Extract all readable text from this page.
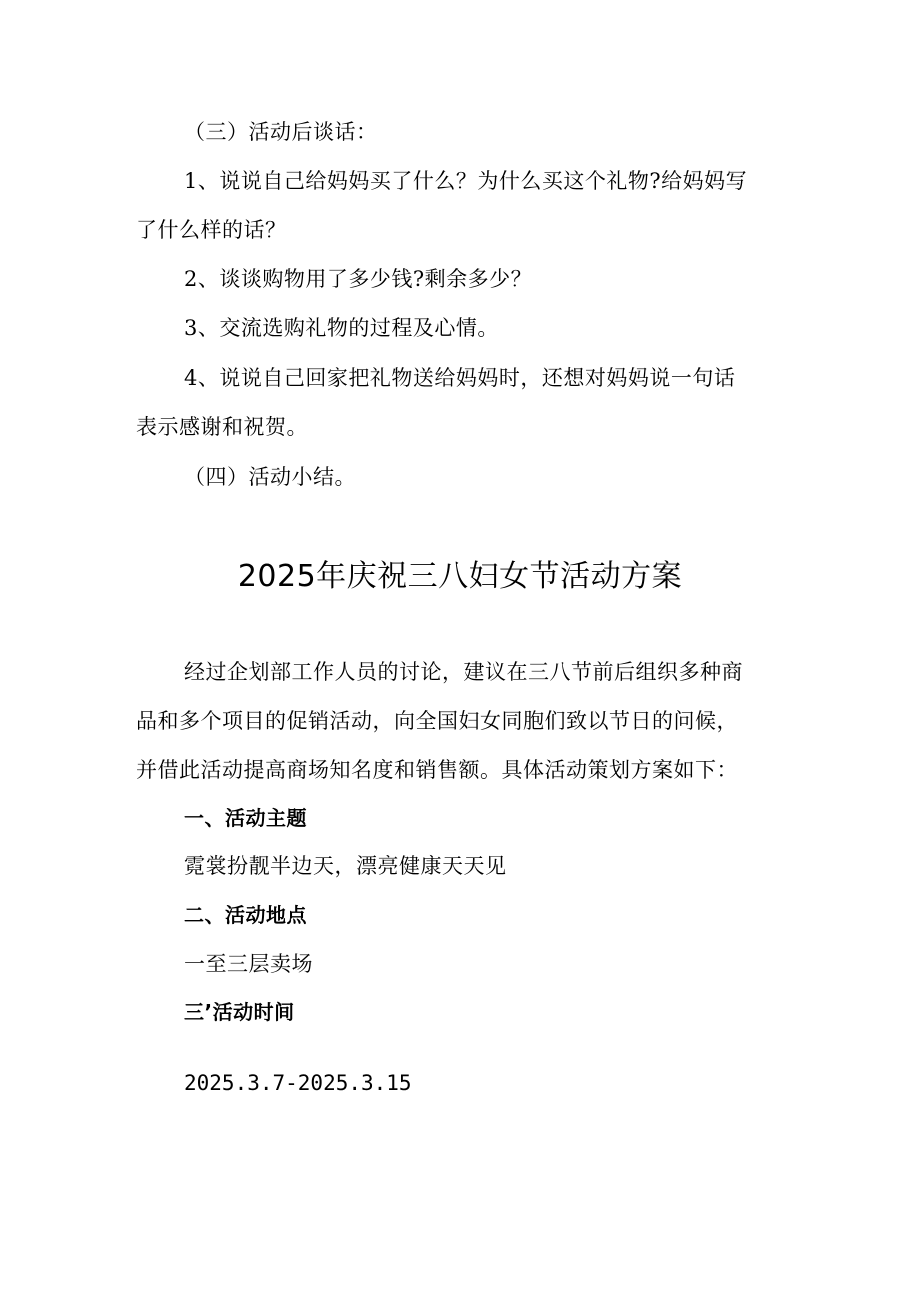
（三）活动后谈话：
1、说说自己给妈妈买了什么？为什么买这个礼物?给妈妈写
了什么样的话？
2、谈谈购物用了多少钱?剩余多少？
3、交流选购礼物的过程及心情。
4、说说自己回家把礼物送给妈妈时，还想对妈妈说一句话
表示感谢和祝贺。
（四）活动小结。
2025年庆祝三八妇女节活动方案
经过企划部工作人员的讨论，建议在三八节前后组织多种商
品和多个项目的促销活动，向全国妇女同胞们致以节日的问候，
并借此活动提高商场知名度和销售额。具体活动策划方案如下：
一、活动主题
霓裳扮靓半边天，漂亮健康天天见
二、活动地点
一至三层卖场
三’活动时间
2025.3.7-2025.3.15
